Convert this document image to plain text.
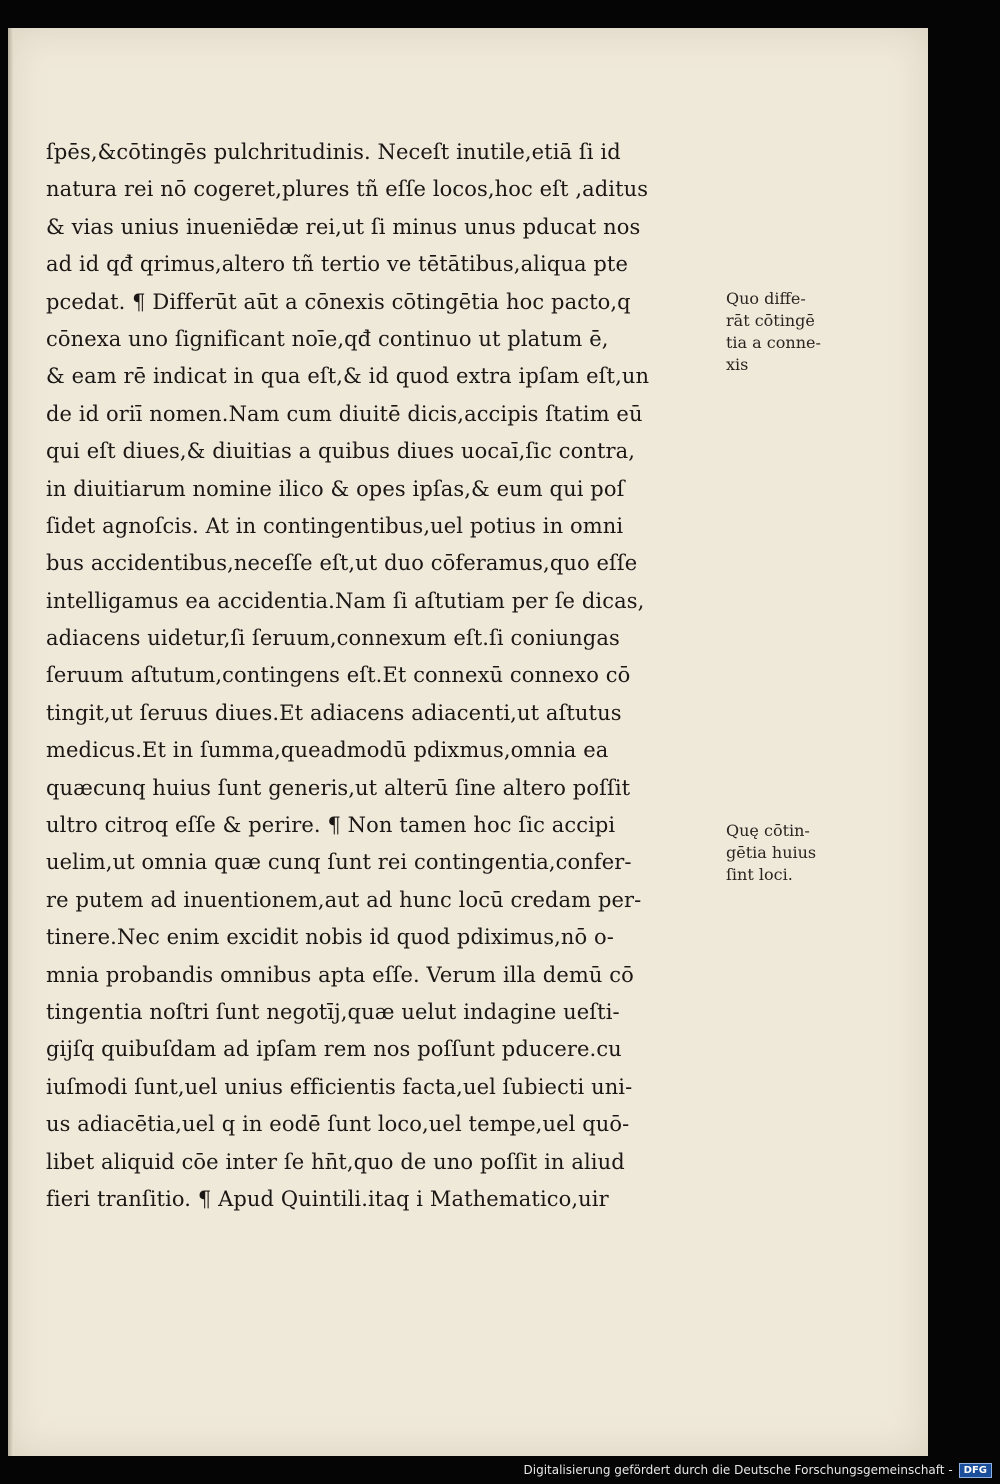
ſpēs,&cōtingēs pulchritudinis. Neceſt inutile,etiā ſi id
natura rei nō cogeret,plures tñ eſſe locos,hoc eſt ,aditus
& vias unius inueniēdæ rei,ut ſi minus unus pducat nos
ad id qđ qrimus,altero tñ tertio ve tētātibus,aliqua pte
pcedat. ¶ Differūt aūt a cōnexis cōtingētia hoc pacto,q
cōnexa uno ſignificant noīe,qđ continuo ut platum ē,
& eam rē indicat in qua eſt,& id quod extra ipſam eſt,un
de id oriī nomen.Nam cum diuitē dicis,accipis ſtatim eū
qui eſt diues,& diuitias a quibus diues uocaī,ſic contra,
in diuitiarum nomine ilico & opes ipſas,& eum qui poſ
ſidet agnoſcis. At in contingentibus,uel potius in omni
bus accidentibus,neceſſe eſt,ut duo cōferamus,quo eſſe
intelligamus ea accidentia.Nam ſi aſtutiam per ſe dicas,
adiacens uidetur,ſi ſeruum,connexum eſt.ſi coniungas
ſeruum aſtutum,contingens eſt.Et connexū connexo cō
tingit,ut ſeruus diues.Et adiacens adiacenti,ut aſtutus
medicus.Et in ſumma,queadmodū pdixmus,omnia ea
quæcunq huius ſunt generis,ut alterū ſine altero poſſit
ultro citroq eſſe & perire. ¶ Non tamen hoc ſic accipi
uelim,ut omnia quæ cunq ſunt rei contingentia,confer-
re putem ad inuentionem,aut ad hunc locū credam per-
tinere.Nec enim excidit nobis id quod pdiximus,nō o-
mnia probandis omnibus apta eſſe. Verum illa demū cō
tingentia noſtri ſunt negotīj,quæ uelut indagine ueſti-
gijſq quibuſdam ad ipſam rem nos poſſunt pducere.cu
iuſmodi ſunt,uel unius efficientis facta,uel ſubiecti uni-
us adiacētia,uel q in eodē ſunt loco,uel tempe,uel quō-
libet aliquid cōe inter ſe hn̄t,quo de uno poſſit in aliud
fieri tranſitio. ¶ Apud Quintili.itaq i Mathematico,uir
Quo diffe-
rāt cōtingē
tia a conne-
xis
Quę cōtin-
gētia huius
ſint loci.
Digitalisierung gefördert durch die Deutsche Forschungsgemeinschaft -	DFG
